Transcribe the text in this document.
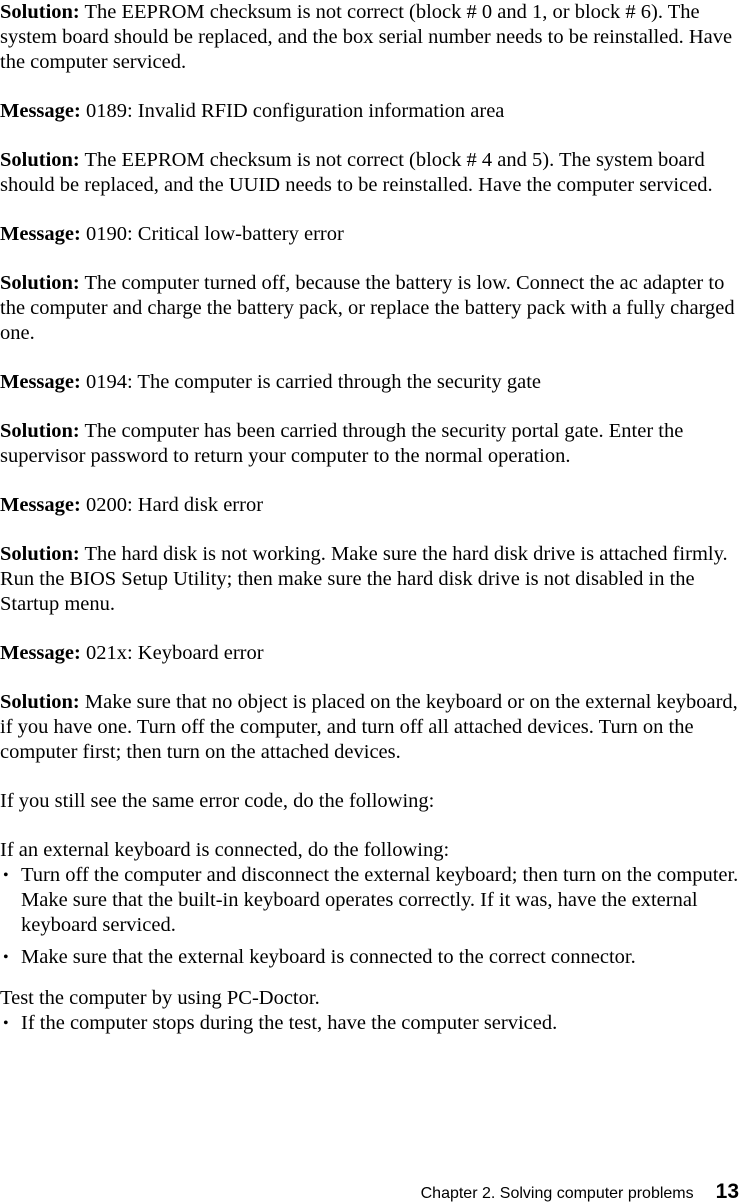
Solution: The EEPROM checksum is not correct (block # 0 and 1, or block # 6). The system board should be replaced, and the box serial number needs to be reinstalled. Have the computer serviced.

Message: 0189: Invalid RFID configuration information area

Solution: The EEPROM checksum is not correct (block # 4 and 5). The system board should be replaced, and the UUID needs to be reinstalled. Have the computer serviced.

Message: 0190: Critical low-battery error

Solution: The computer turned off, because the battery is low. Connect the ac adapter to the computer and charge the battery pack, or replace the battery pack with a fully charged one.

Message: 0194: The computer is carried through the security gate

Solution: The computer has been carried through the security portal gate. Enter the supervisor password to return your computer to the normal operation.

Message: 0200: Hard disk error

Solution: The hard disk is not working. Make sure the hard disk drive is attached firmly. Run the BIOS Setup Utility; then make sure the hard disk drive is not disabled in the Startup menu.

Message: 021x: Keyboard error

Solution: Make sure that no object is placed on the keyboard or on the external keyboard, if you have one. Turn off the computer, and turn off all attached devices. Turn on the computer first; then turn on the attached devices.

If you still see the same error code, do the following:

If an external keyboard is connected, do the following:

• Turn off the computer and disconnect the external keyboard; then turn on the computer. Make sure that the built-in keyboard operates correctly. If it was, have the external keyboard serviced.
• Make sure that the external keyboard is connected to the correct connector.

Test the computer by using PC-Doctor.

• If the computer stops during the test, have the computer serviced.
Chapter 2. Solving computer problems 13
